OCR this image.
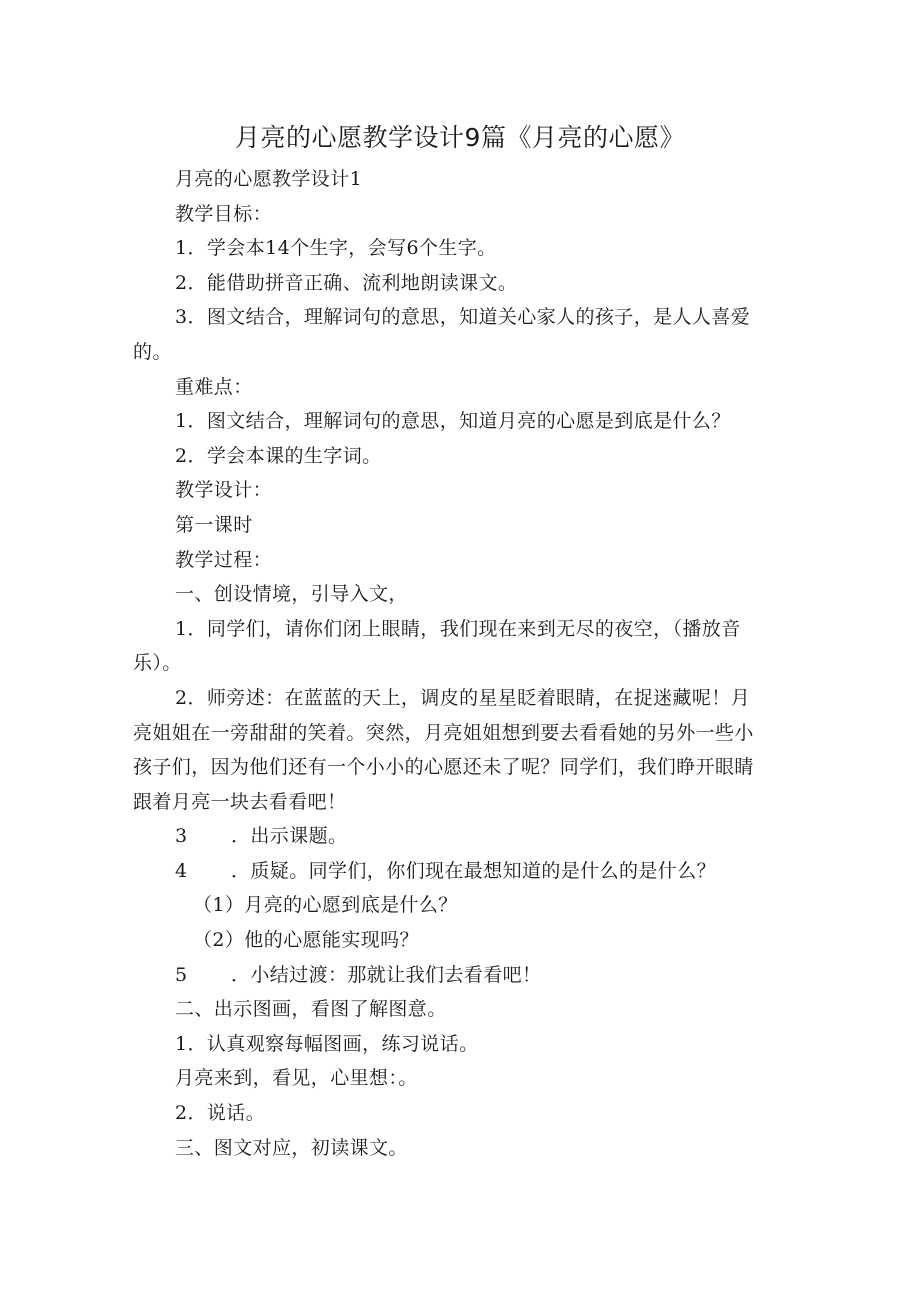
月亮的心愿教学设计9篇《月亮的心愿》

月亮的心愿教学设计1

教学目标：

1．学会本14个生字，会写6个生字。

2．能借助拼音正确、流利地朗读课文。

3．图文结合，理解词句的意思，知道关心家人的孩子，是人人喜爱

的。

重难点：

1．图文结合，理解词句的意思，知道月亮的心愿是到底是什么？

2．学会本课的生字词。

教学设计：

第一课时

教学过程：

一、创设情境，引导入文，

1．同学们，请你们闭上眼睛，我们现在来到无尽的夜空，（播放音

乐）。

2．师旁述：在蓝蓝的天上，调皮的星星眨着眼睛，在捉迷藏呢！月

亮姐姐在一旁甜甜的笑着。突然，月亮姐姐想到要去看看她的另外一些小

孩子们，因为他们还有一个小小的心愿还未了呢？同学们，我们睁开眼睛

跟着月亮一块去看看吧！

3 ．出示课题。

4 ．质疑。同学们，你们现在最想知道的是什么的是什么？

（1）月亮的心愿到底是什么？

（2）他的心愿能实现吗？

5 ．小结过渡：那就让我们去看看吧！

二、出示图画，看图了解图意。

1．认真观察每幅图画，练习说话。

月亮来到，看见，心里想：。

2．说话。

三、图文对应，初读课文。
